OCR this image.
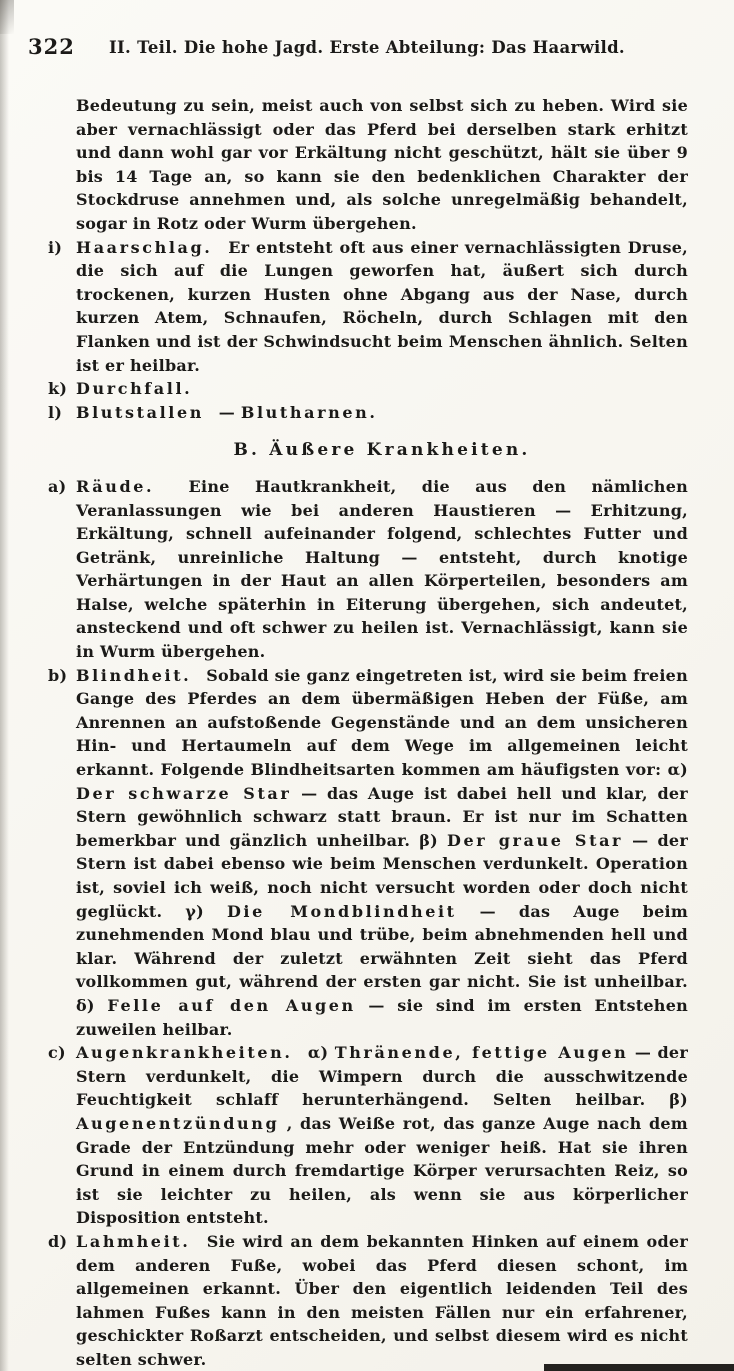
322	II. Teil. Die hohe Jagd. Erste Abteilung: Das Haarwild.

Bedeutung zu sein, meist auch von selbst sich zu heben. Wird sie aber vernachlässigt oder das Pferd bei derselben stark erhitzt und dann wohl gar vor Erkältung nicht geschützt, hält sie über 9 bis 14 Tage an, so kann sie den bedenklichen Charakter der Stockdruse annehmen und, als solche unregelmäßig behandelt, sogar in Rotz oder Wurm übergehen.

i) Haarschlag. Er entsteht oft aus einer vernachlässigten Druse, die sich auf die Lungen geworfen hat, äußert sich durch trockenen, kurzen Husten ohne Abgang aus der Nase, durch kurzen Atem, Schnaufen, Röcheln, durch Schlagen mit den Flanken und ist der Schwindsucht beim Menschen ähnlich. Selten ist er heilbar.

k) Durchfall.

l) Blutstallen — Blutharnen.

B. Äußere Krankheiten.

a) Räude. Eine Hautkrankheit, die aus den nämlichen Veranlassungen wie bei anderen Haustieren — Erhitzung, Erkältung, schnell aufeinander folgend, schlechtes Futter und Getränk, unreinliche Haltung — entsteht, durch knotige Verhärtungen in der Haut an allen Körperteilen, besonders am Halse, welche späterhin in Eiterung übergehen, sich andeutet, ansteckend und oft schwer zu heilen ist. Vernachlässigt, kann sie in Wurm übergehen.

b) Blindheit. Sobald sie ganz eingetreten ist, wird sie beim freien Gange des Pferdes an dem übermäßigen Heben der Füße, am Anrennen an aufstoßende Gegenstände und an dem unsicheren Hin- und Hertaumeln auf dem Wege im allgemeinen leicht erkannt. Folgende Blindheitsarten kommen am häufigsten vor: α) Der schwarze Star — das Auge ist dabei hell und klar, der Stern gewöhnlich schwarz statt braun. Er ist nur im Schatten bemerkbar und gänzlich unheilbar. β) Der graue Star — der Stern ist dabei ebenso wie beim Menschen verdunkelt. Operation ist, soviel ich weiß, noch nicht versucht worden oder doch nicht geglückt. γ) Die Mondblindheit — das Auge beim zunehmenden Mond blau und trübe, beim abnehmenden hell und klar. Während der zuletzt erwähnten Zeit sieht das Pferd vollkommen gut, während der ersten gar nicht. Sie ist unheilbar. δ) Felle auf den Augen — sie sind im ersten Entstehen zuweilen heilbar.

c) Augenkrankheiten. α) Thränende, fettige Augen — der Stern verdunkelt, die Wimpern durch die ausschwitzende Feuchtigkeit schlaff herunterhängend. Selten heilbar. β) Augenentzündung , das Weiße rot, das ganze Auge nach dem Grade der Entzündung mehr oder weniger heiß. Hat sie ihren Grund in einem durch fremdartige Körper verursachten Reiz, so ist sie leichter zu heilen, als wenn sie aus körperlicher Disposition entsteht.

d) Lahmheit. Sie wird an dem bekannten Hinken auf einem oder dem anderen Fuße, wobei das Pferd diesen schont, im allgemeinen erkannt. Über den eigentlich leidenden Teil des lahmen Fußes kann in den meisten Fällen nur ein erfahrener, geschickter Roßarzt entscheiden, und selbst diesem wird es nicht selten schwer.
